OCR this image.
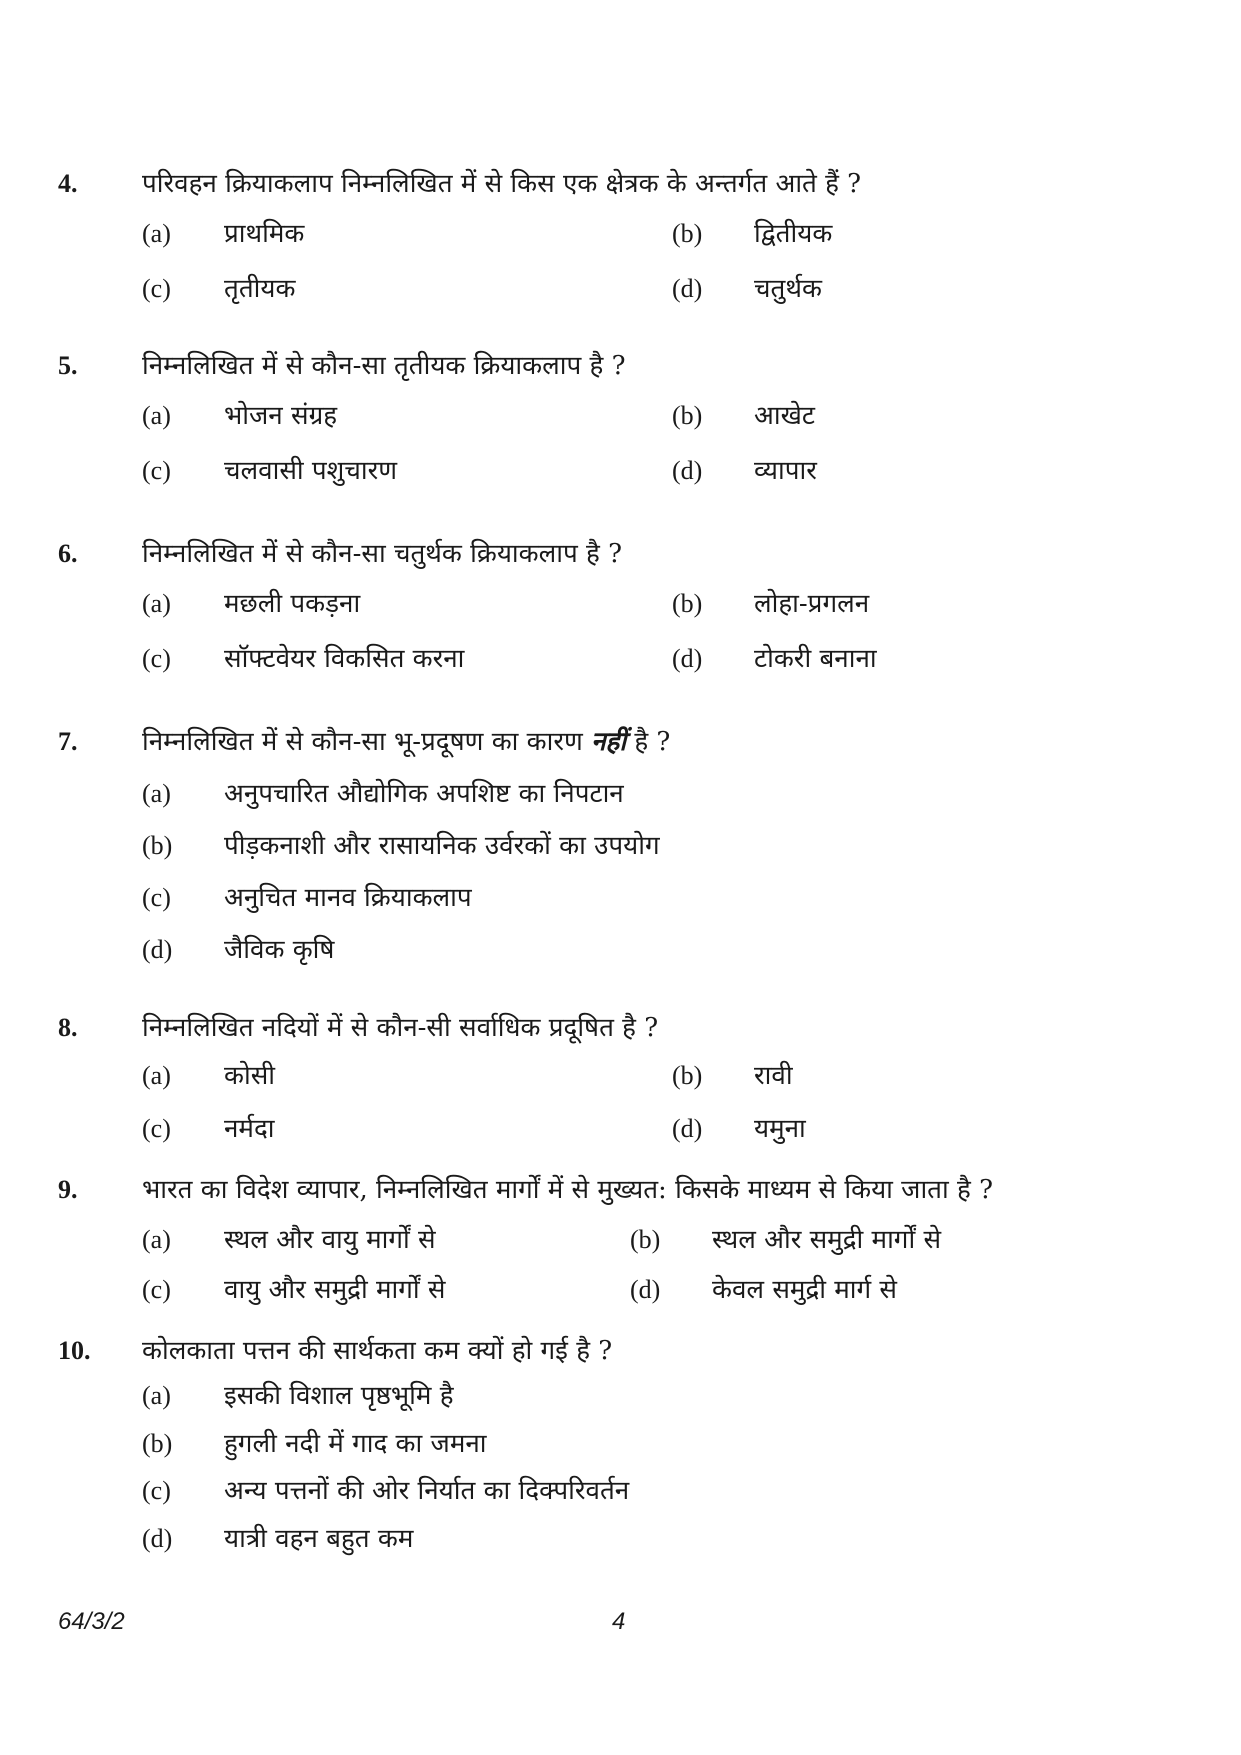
4. परिवहन क्रियाकलाप निम्नलिखित में से किस एक क्षेत्रक के अन्तर्गत आते हैं ?
(a) प्राथमिक	(b) द्वितीयक
(c) तृतीयक	(d) चतुर्थक
5. निम्नलिखित में से कौन-सा तृतीयक क्रियाकलाप है ?
(a) भोजन संग्रह	(b) आखेट
(c) चलवासी पशुचारण	(d) व्यापार
6. निम्नलिखित में से कौन-सा चतुर्थक क्रियाकलाप है ?
(a) मछली पकड़ना	(b) लोहा-प्रगलन
(c) सॉफ्टवेयर विकसित करना	(d) टोकरी बनाना
7. निम्नलिखित में से कौन-सा भू-प्रदूषण का कारण नहीं है ?
(a) अनुपचारित औद्योगिक अपशिष्ट का निपटान
(b) पीड़कनाशी और रासायनिक उर्वरकों का उपयोग
(c) अनुचित मानव क्रियाकलाप
(d) जैविक कृषि
8. निम्नलिखित नदियों में से कौन-सी सर्वाधिक प्रदूषित है ?
(a) कोसी	(b) रावी
(c) नर्मदा	(d) यमुना
9. भारत का विदेश व्यापार, निम्नलिखित मार्गों में से मुख्यत: किसके माध्यम से किया जाता है ?
(a) स्थल और वायु मार्गों से	(b) स्थल और समुद्री मार्गों से
(c) वायु और समुद्री मार्गों से	(d) केवल समुद्री मार्ग से
10. कोलकाता पत्तन की सार्थकता कम क्यों हो गई है ?
(a) इसकी विशाल पृष्ठभूमि है
(b) हुगली नदी में गाद का जमना
(c) अन्य पत्तनों की ओर निर्यात का दिक्परिवर्तन
(d) यात्री वहन बहुत कम
64/3/2	4
